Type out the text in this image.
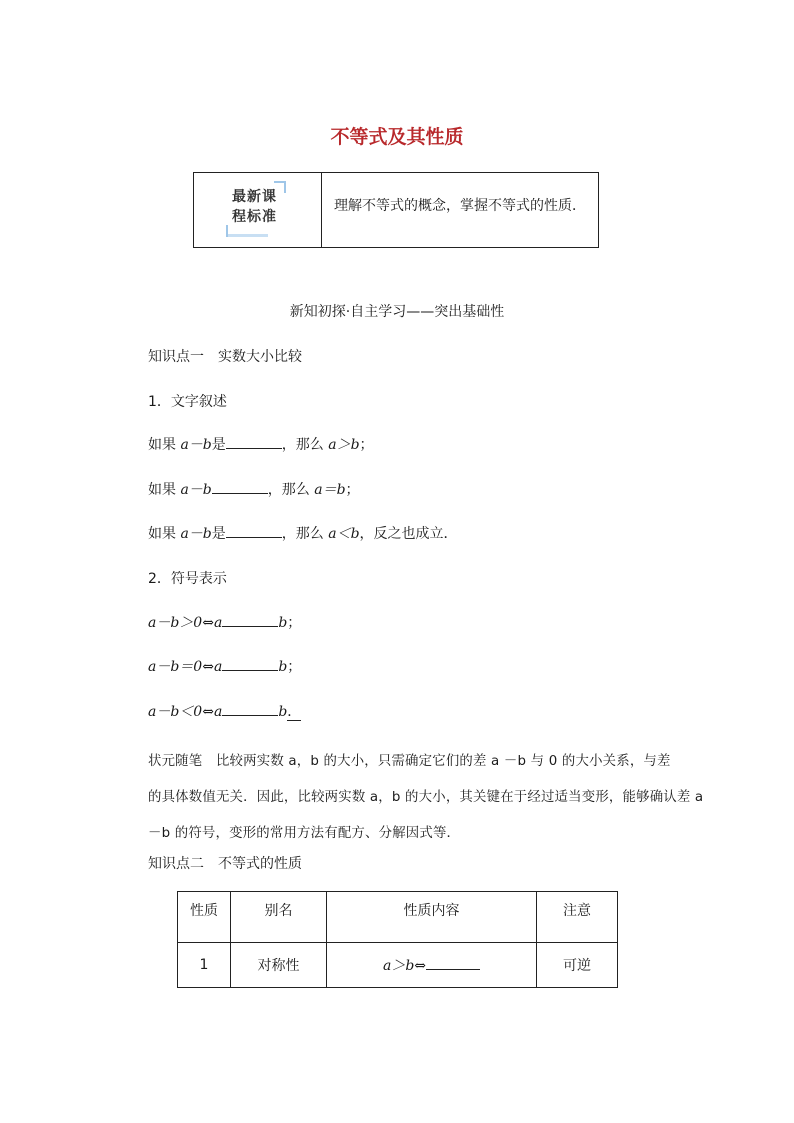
不等式及其性质
最新课程标准
理解不等式的概念，掌握不等式的性质．
新知初探·自主学习——突出基础性
知识点一　实数大小比较
1．文字叙述
如果 a－b是	，那么 a＞b；
如果 a－b	，那么 a＝b；
如果 a－b是	，那么 a＜b，反之也成立．
2．符号表示
a－b＞0⇔a	b；
a－b＝0⇔a	b；
a－b＜0⇔a	b．

状元随笔　比较两实数 a，b 的大小，只需确定它们的差 a －b 与 0 的大小关系，与差

的具体数值无关．因此，比较两实数 a，b 的大小，其关键在于经过适当变形，能够确认差 a

－b 的符号，变形的常用方法有配方、分解因式等．

知识点二　不等式的性质
性质	别名	性质内容	注意
1	对称性	a＞b⇔	可逆
